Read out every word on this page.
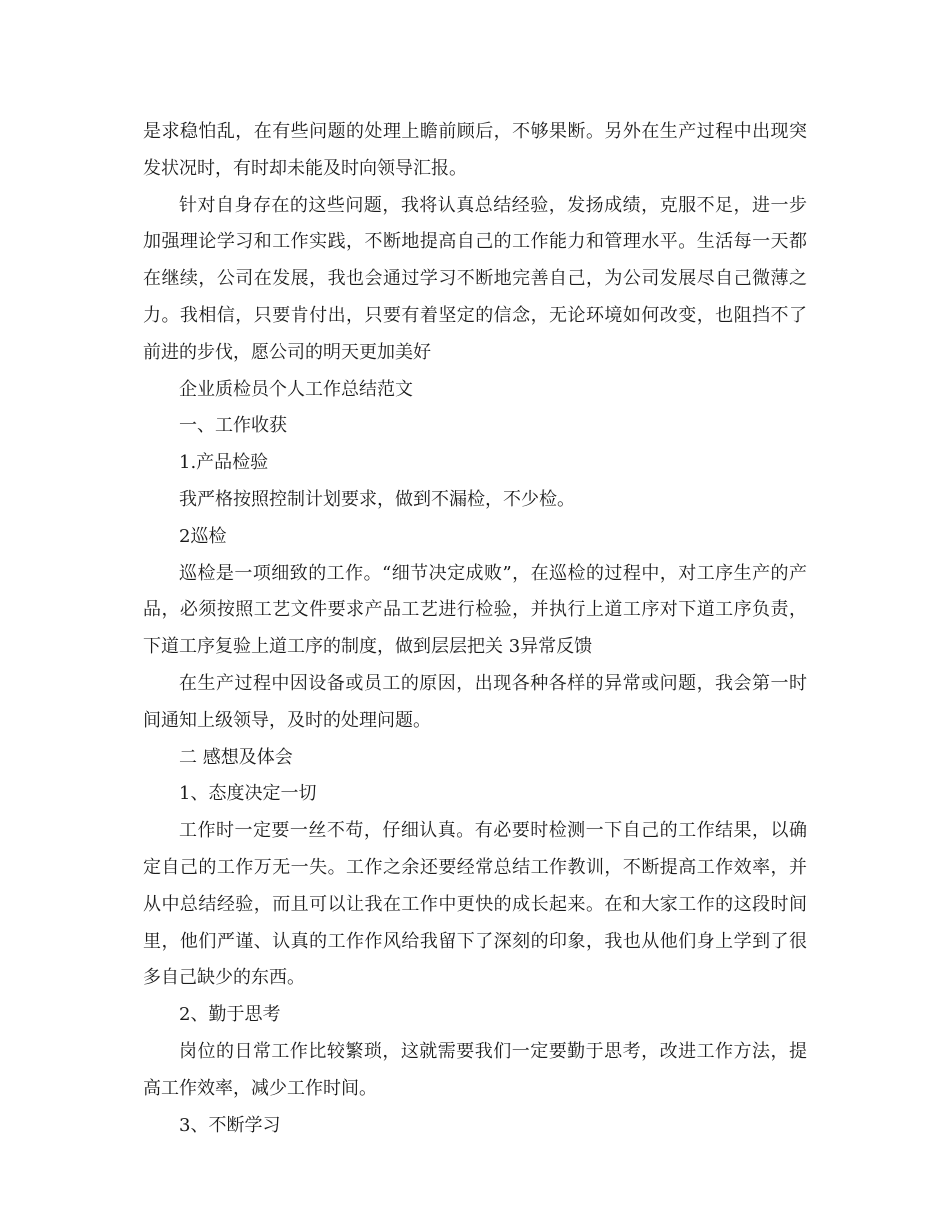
是求稳怕乱，在有些问题的处理上瞻前顾后，不够果断。另外在生产过程中出现突发状况时，有时却未能及时向领导汇报。

针对自身存在的这些问题，我将认真总结经验，发扬成绩，克服不足，进一步加强理论学习和工作实践，不断地提高自己的工作能力和管理水平。生活每一天都在继续，公司在发展，我也会通过学习不断地完善自己，为公司发展尽自己微薄之力。我相信，只要肯付出，只要有着坚定的信念，无论环境如何改变，也阻挡不了前进的步伐，愿公司的明天更加美好

企业质检员个人工作总结范文

一、工作收获

1.产品检验

我严格按照控制计划要求，做到不漏检，不少检。

2巡检

巡检是一项细致的工作。“细节决定成败”，在巡检的过程中，对工序生产的产品，必须按照工艺文件要求产品工艺进行检验，并执行上道工序对下道工序负责，下道工序复验上道工序的制度，做到层层把关 3异常反馈

在生产过程中因设备或员工的原因，出现各种各样的异常或问题，我会第一时间通知上级领导，及时的处理问题。

二 感想及体会

1、态度决定一切

工作时一定要一丝不苟，仔细认真。有必要时检测一下自己的工作结果，以确定自己的工作万无一失。工作之余还要经常总结工作教训，不断提高工作效率，并从中总结经验，而且可以让我在工作中更快的成长起来。在和大家工作的这段时间里，他们严谨、认真的工作作风给我留下了深刻的印象，我也从他们身上学到了很多自己缺少的东西。

2、勤于思考

岗位的日常工作比较繁琐，这就需要我们一定要勤于思考，改进工作方法，提高工作效率，减少工作时间。

3、不断学习
